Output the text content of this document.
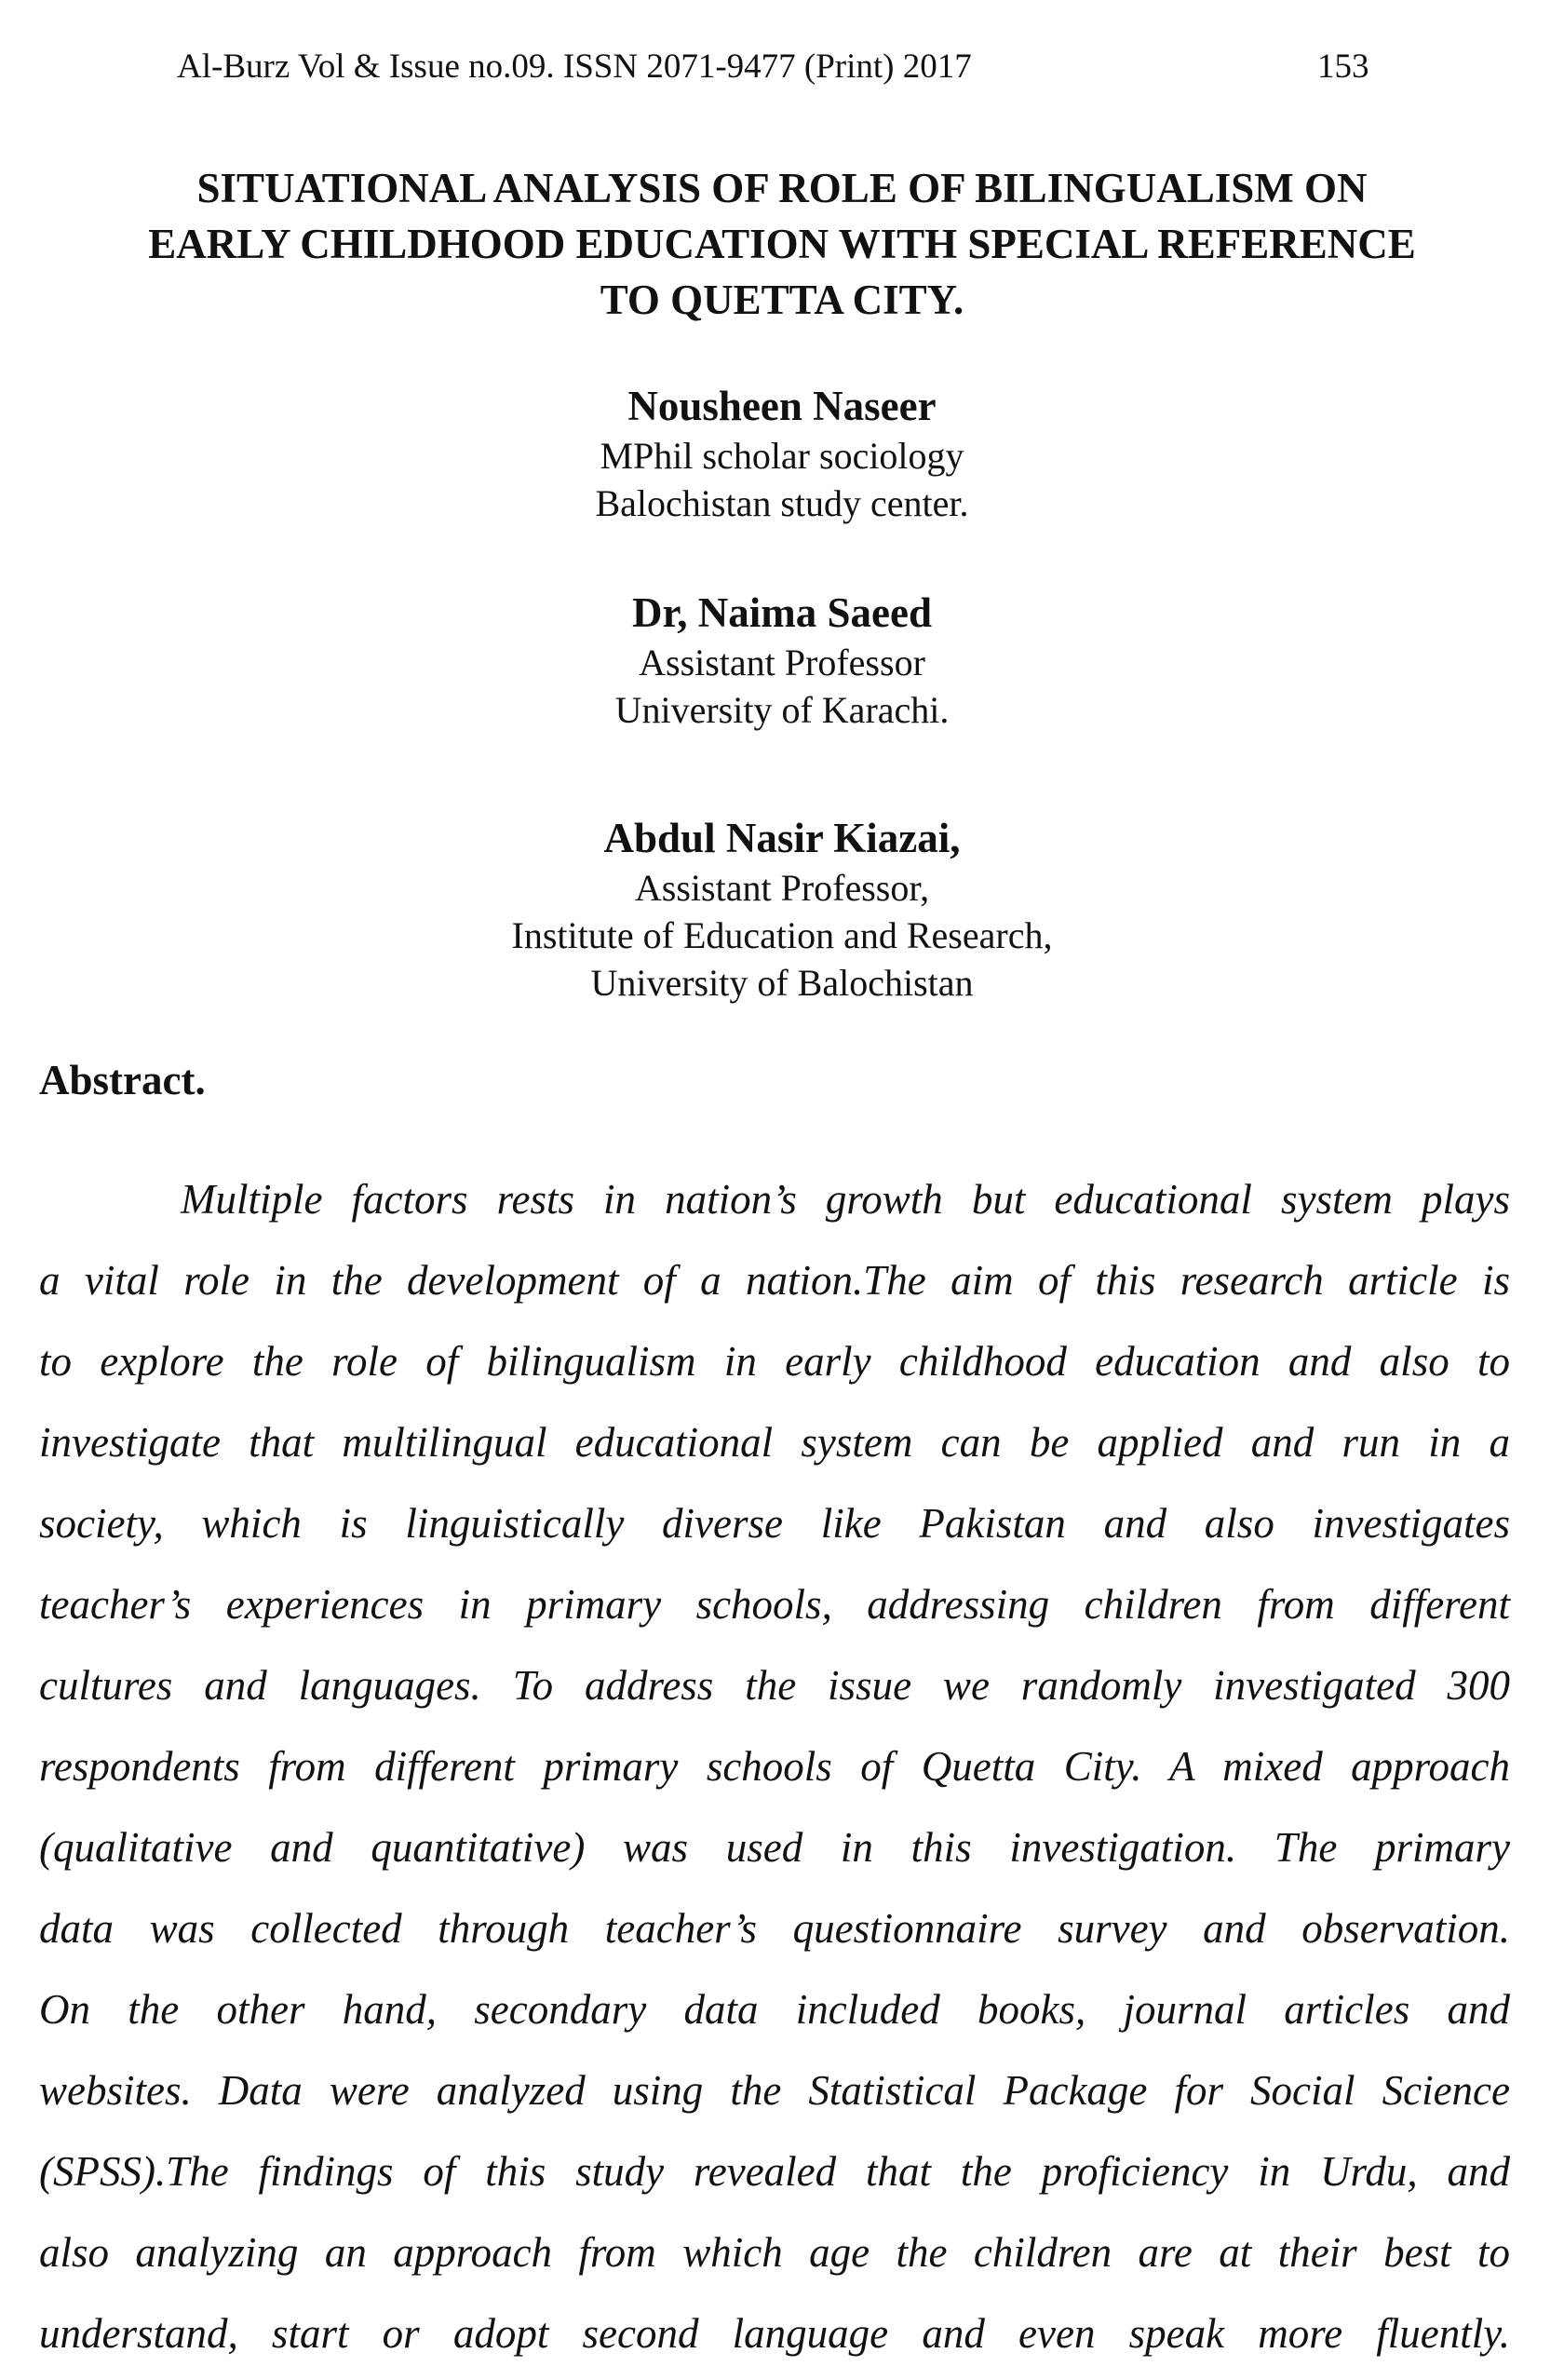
Al-Burz Vol & Issue no.09. ISSN 2071-9477 (Print) 2017	153
SITUATIONAL ANALYSIS OF ROLE OF BILINGUALISM ON
EARLY CHILDHOOD EDUCATION WITH SPECIAL REFERENCE
TO QUETTA CITY.
Nousheen Naseer
MPhil scholar sociology
Balochistan study center.
Dr, Naima Saeed
Assistant Professor
University of Karachi.
Abdul Nasir Kiazai,
Assistant Professor,
Institute of Education and Research,
University of Balochistan
Abstract.
Multiple factors rests in nation’s growth but educational system plays
a vital role in the development of a nation.The aim of this research article is
to explore the role of bilingualism in early childhood education and also to
investigate that multilingual educational system can be applied and run in a
society, which is linguistically diverse like Pakistan and also investigates
teacher’s experiences in primary schools, addressing children from different
cultures and languages. To address the issue we randomly investigated 300
respondents from different primary schools of Quetta City. A mixed approach
(qualitative and quantitative) was used in this investigation. The primary
data was collected through teacher’s questionnaire survey and observation.
On the other hand, secondary data included books, journal articles and
websites. Data were analyzed using the Statistical Package for Social Science
(SPSS).The findings of this study revealed that the proficiency in Urdu, and
also analyzing an approach from which age the children are at their best to
understand, start or adopt second language and even speak more fluently.
